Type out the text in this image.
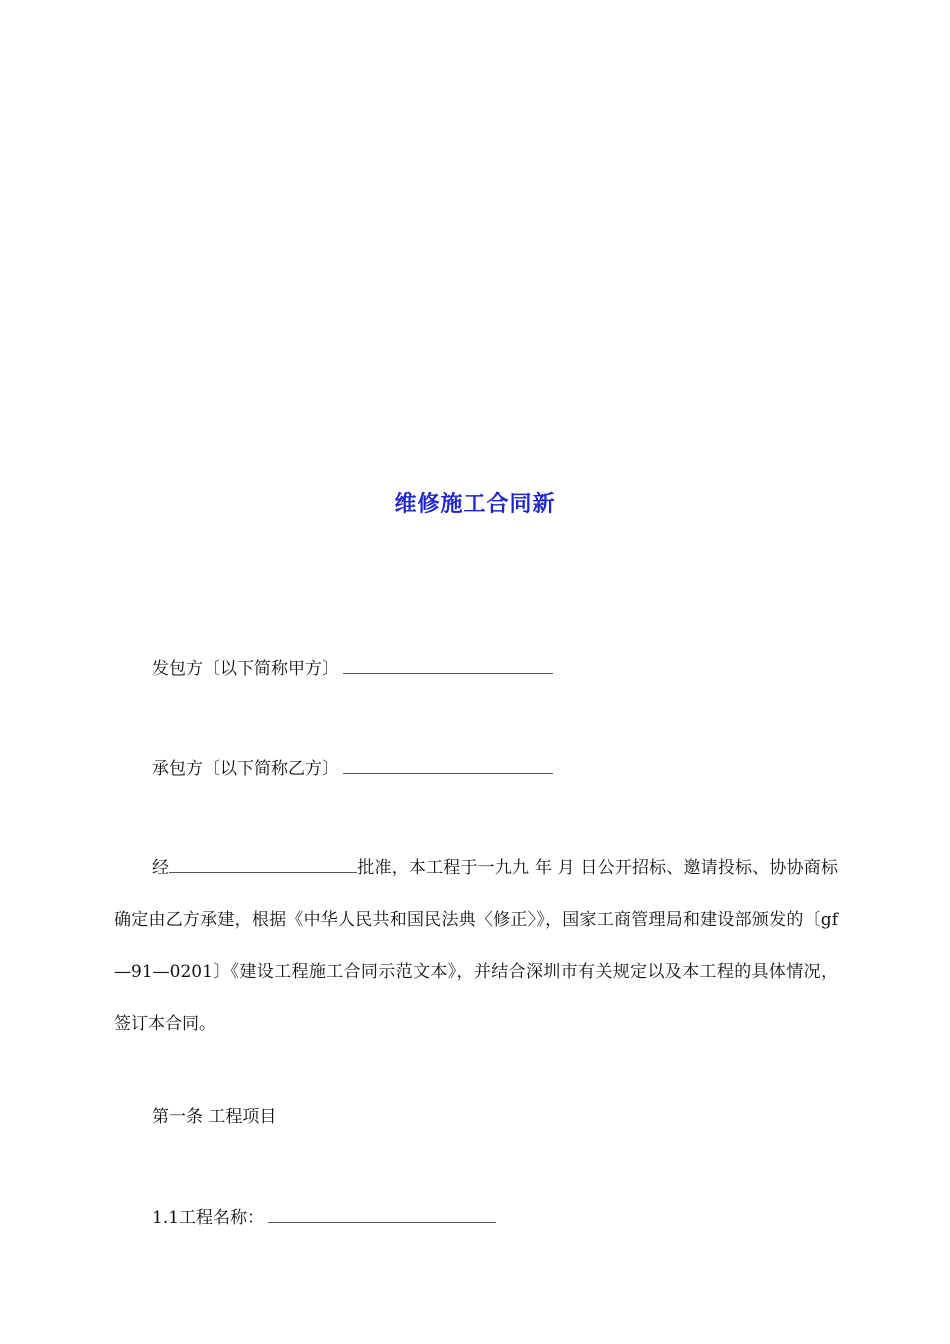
维修施工合同新
发包方〔以下简称甲方〕
承包方〔以下简称乙方〕
经	批准，本工程于一九九 年 月 日公开招标、邀请投标、协协商标确定由乙方承建，根据《中华人民共和国民法典〈修正〉》，国家工商管理局和建设部颁发的〔gf—91—0201〕《建设工程施工合同示范文本》，并结合深圳市有关规定以及本工程的具体情况，签订本合同。
第一条 工程项目
1.1工程名称：
